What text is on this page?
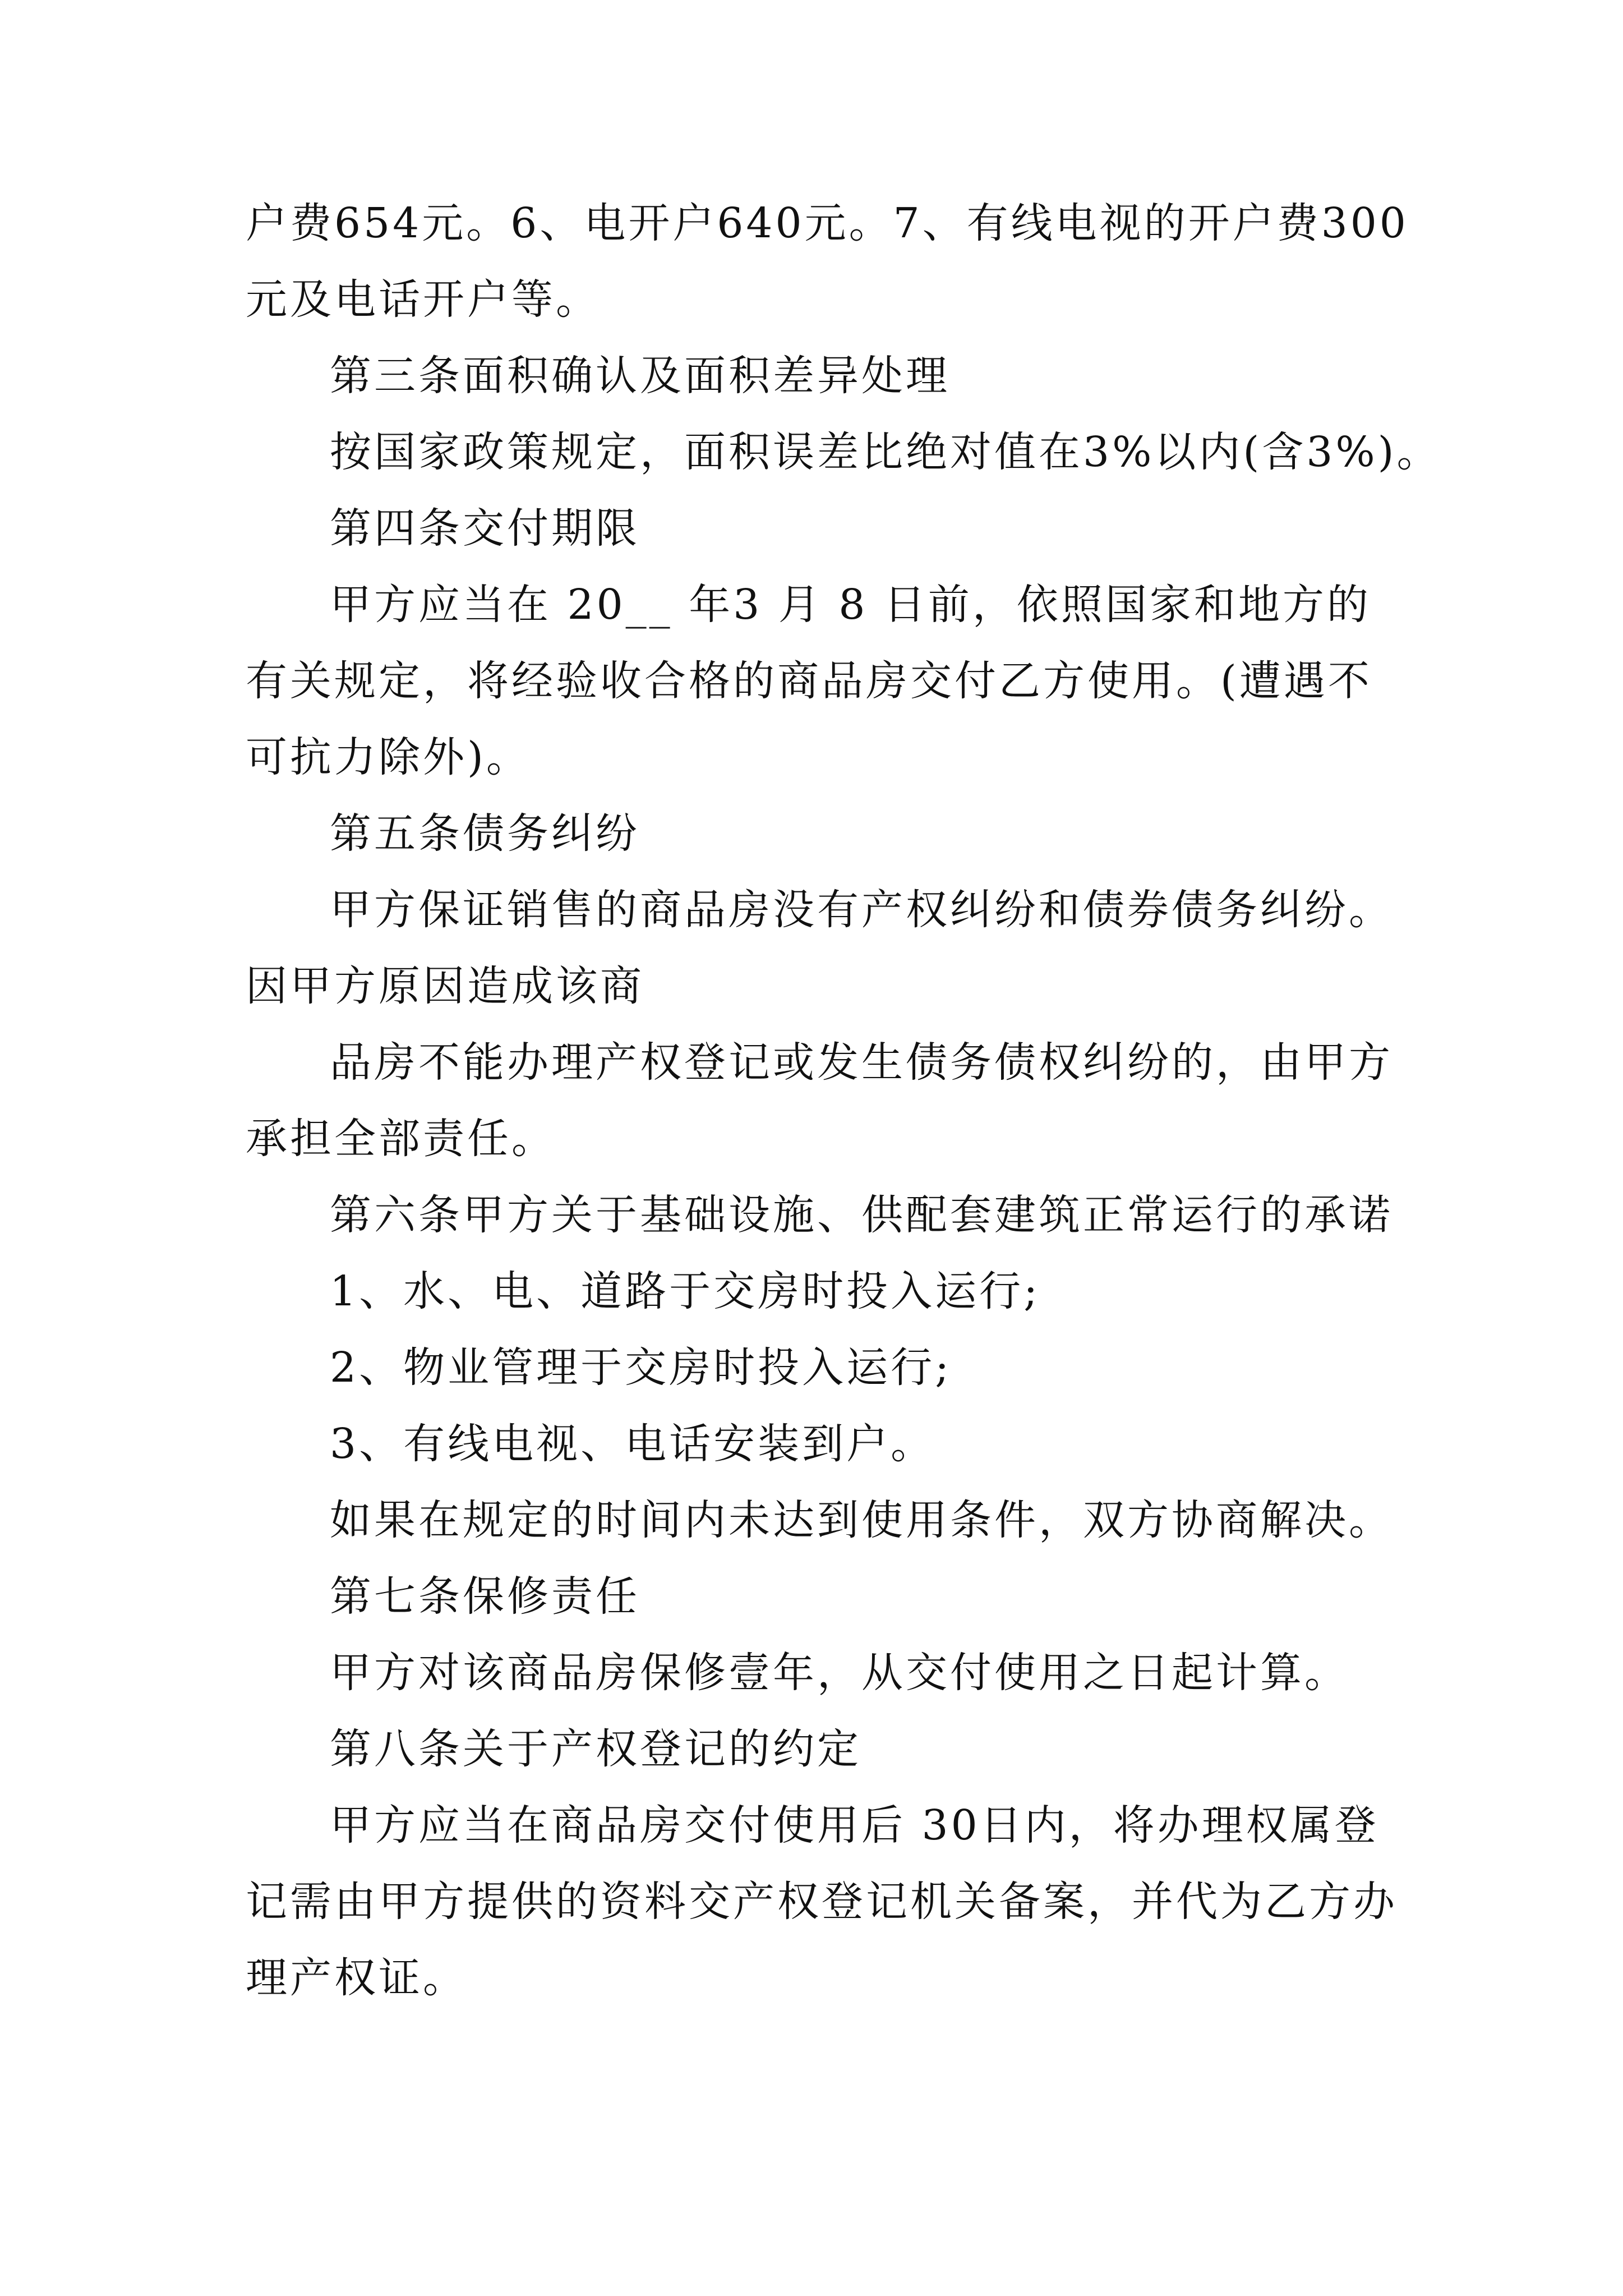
户费654元。6、电开户640元。7、有线电视的开户费300
元及电话开户等。
第三条面积确认及面积差异处理
按国家政策规定，面积误差比绝对值在3%以内(含3%)。
第四条交付期限
甲方应当在 20__ 年3 月 8 日前，依照国家和地方的
有关规定，将经验收合格的商品房交付乙方使用。(遭遇不
可抗力除外)。
第五条债务纠纷
甲方保证销售的商品房没有产权纠纷和债券债务纠纷。
因甲方原因造成该商
品房不能办理产权登记或发生债务债权纠纷的，由甲方
承担全部责任。
第六条甲方关于基础设施、供配套建筑正常运行的承诺
1、水、电、道路于交房时投入运行;
2、物业管理于交房时投入运行;
3、有线电视、电话安装到户。
如果在规定的时间内未达到使用条件，双方协商解决。
第七条保修责任
甲方对该商品房保修壹年，从交付使用之日起计算。
第八条关于产权登记的约定
甲方应当在商品房交付使用后 30日内，将办理权属登
记需由甲方提供的资料交产权登记机关备案，并代为乙方办
理产权证。
